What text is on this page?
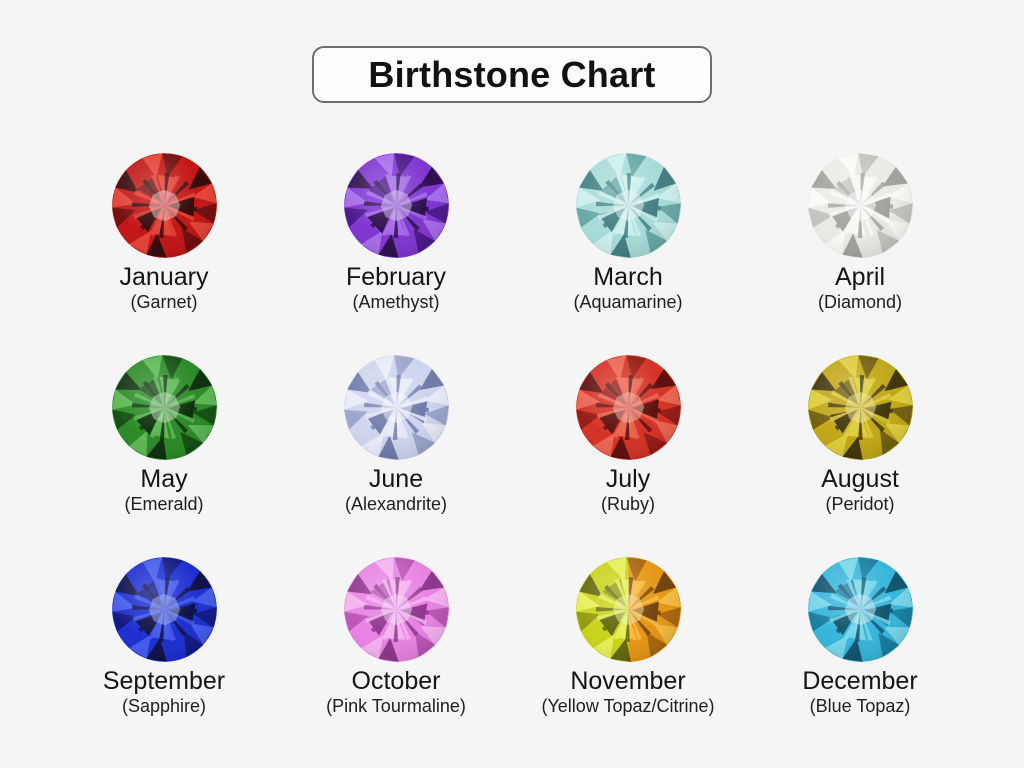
Birthstone Chart
January
(Garnet)
February
(Amethyst)
March
(Aquamarine)
April
(Diamond)
May
(Emerald)
June
(Alexandrite)
July
(Ruby)
August
(Peridot)
September
(Sapphire)
October
(Pink Tourmaline)
November
(Yellow Topaz/Citrine)
December
(Blue Topaz)
